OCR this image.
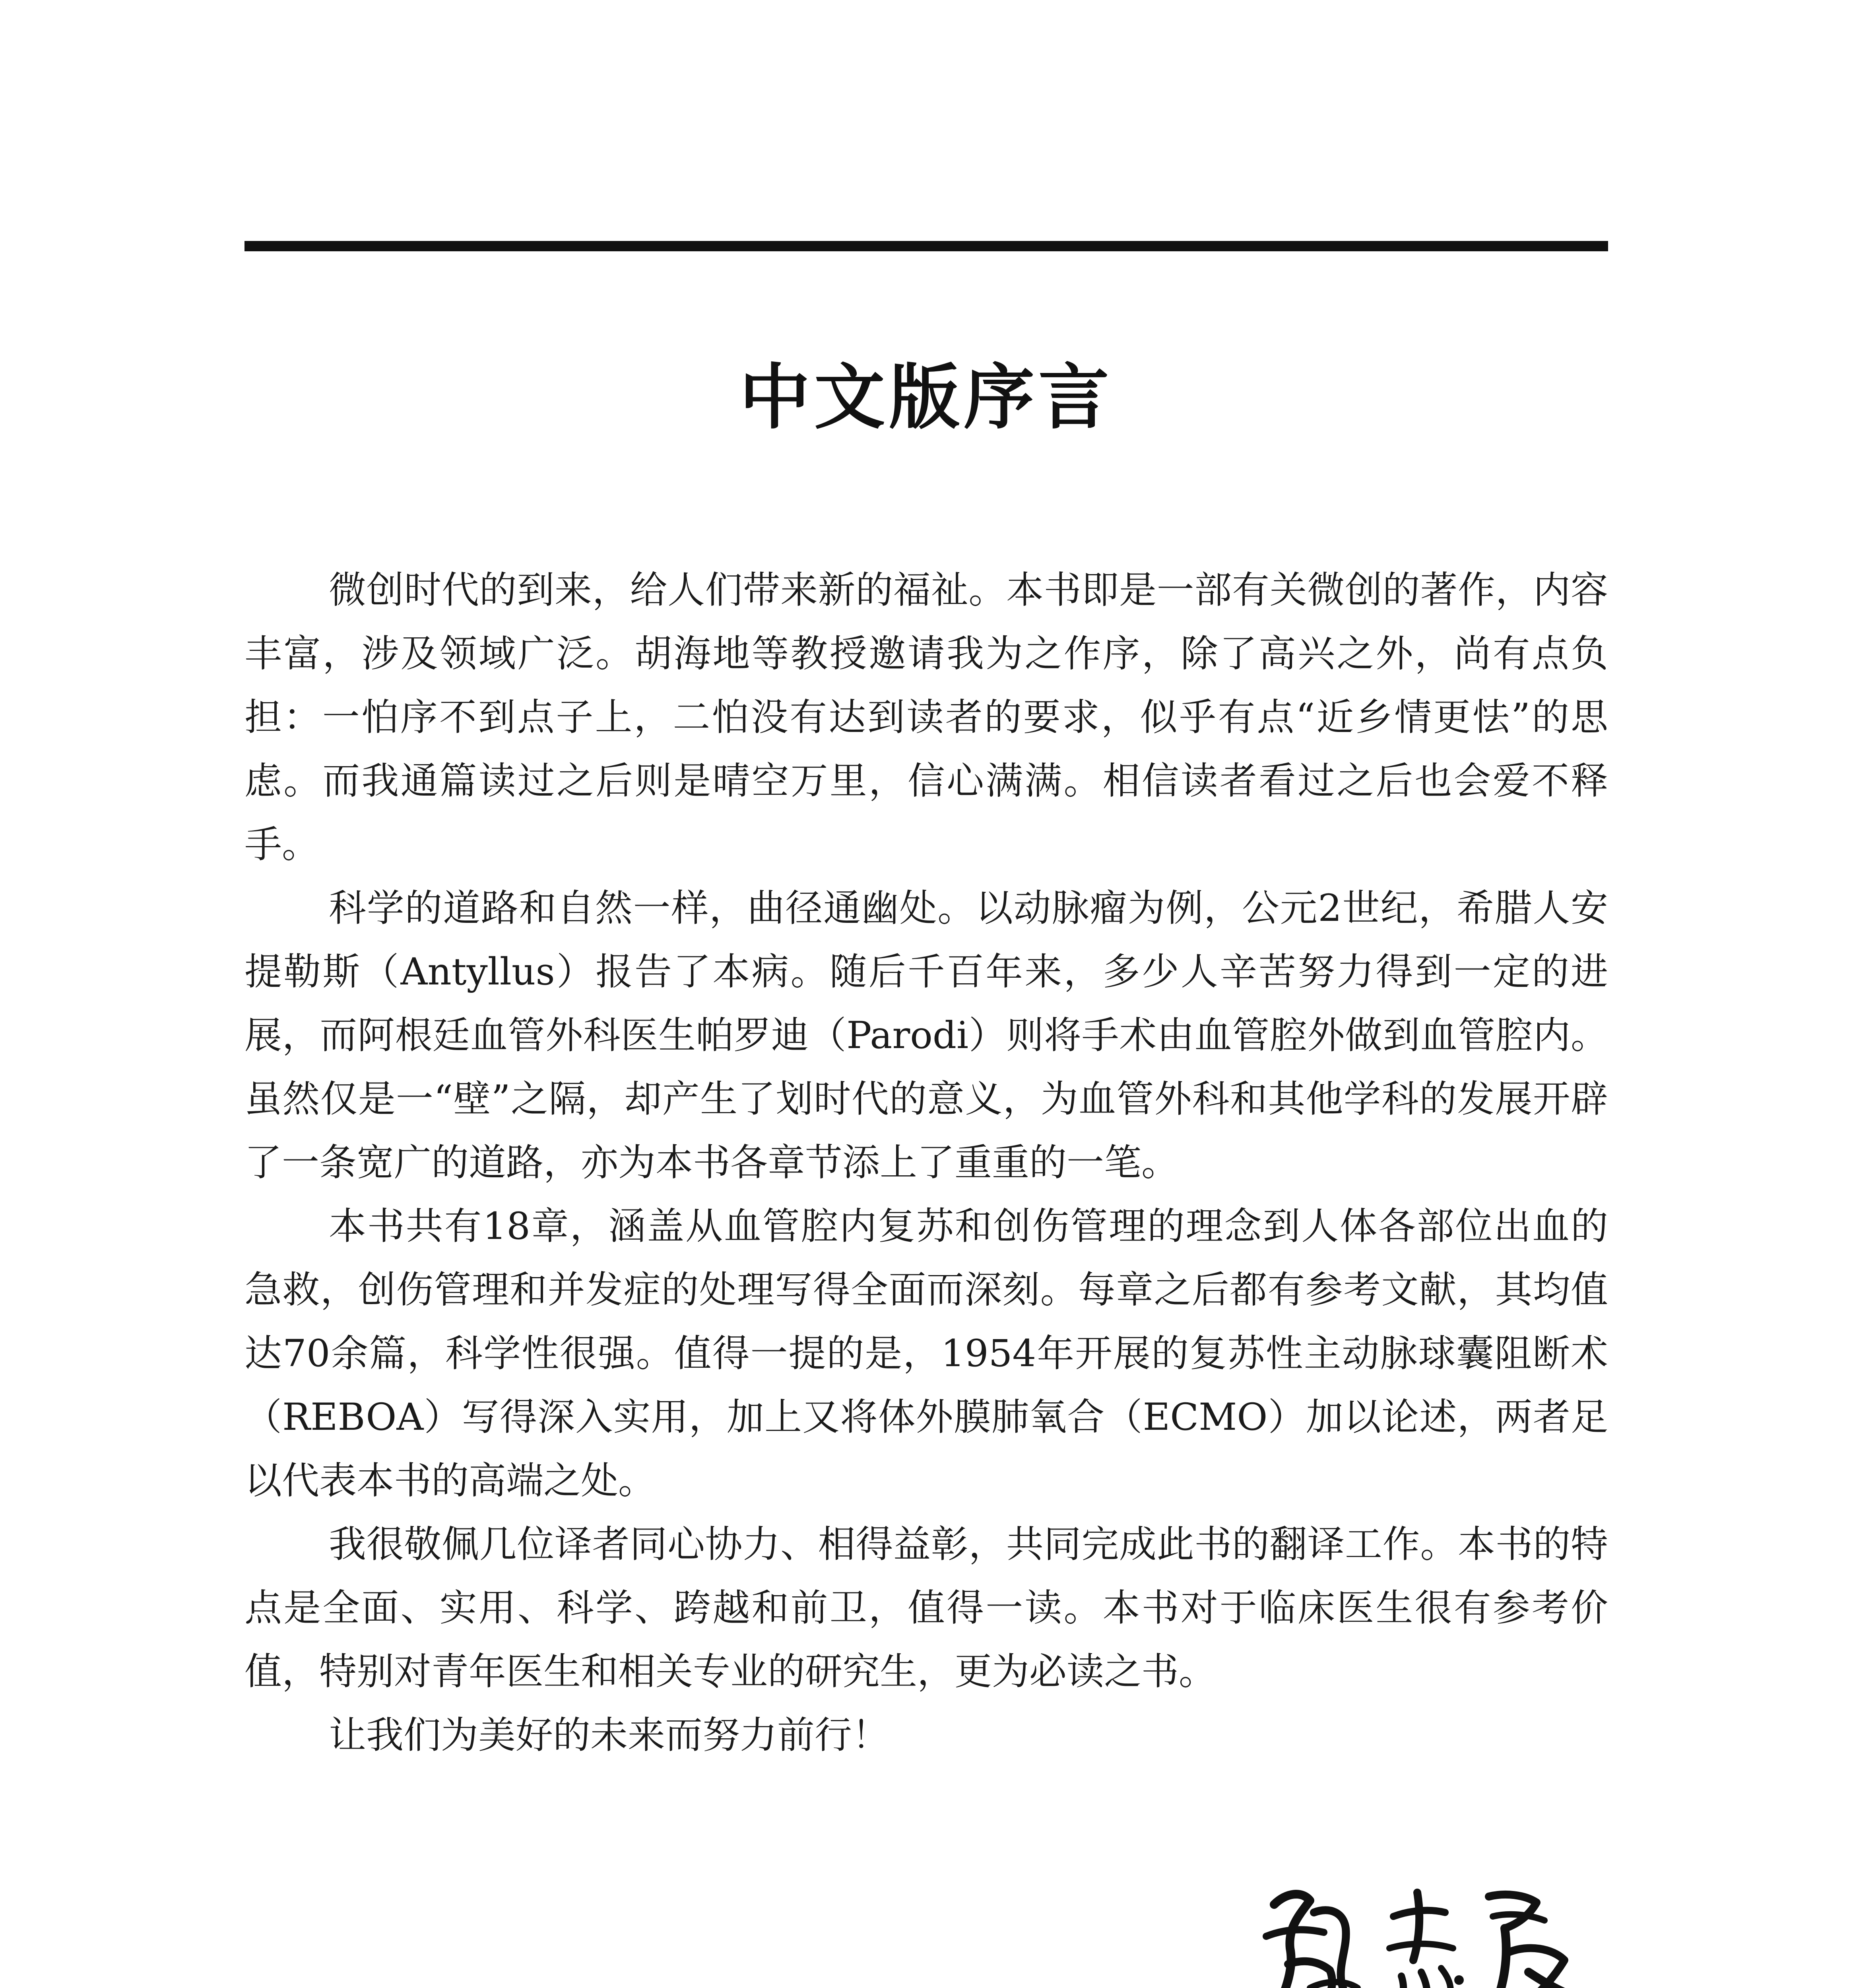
中文版序言

微创时代的到来，给人们带来新的福祉。本书即是一部有关微创的著作，内容丰富，涉及领域广泛。胡海地等教授邀请我为之作序，除了高兴之外，尚有点负担：一怕序不到点子上，二怕没有达到读者的要求，似乎有点“近乡情更怯”的思虑。而我通篇读过之后则是晴空万里，信心满满。相信读者看过之后也会爱不释手。

科学的道路和自然一样，曲径通幽处。以动脉瘤为例，公元2世纪，希腊人安提勒斯（Antyllus）报告了本病。随后千百年来，多少人辛苦努力得到一定的进展，而阿根廷血管外科医生帕罗迪（Parodi）则将手术由血管腔外做到血管腔内。虽然仅是一“壁”之隔，却产生了划时代的意义，为血管外科和其他学科的发展开辟了一条宽广的道路，亦为本书各章节添上了重重的一笔。

本书共有18章，涵盖从血管腔内复苏和创伤管理的理念到人体各部位出血的急救，创伤管理和并发症的处理写得全面而深刻。每章之后都有参考文献，其均值达70余篇，科学性很强。值得一提的是，1954年开展的复苏性主动脉球囊阻断术（REBOA）写得深入实用，加上又将体外膜肺氧合（ECMO）加以论述，两者足以代表本书的高端之处。

我很敬佩几位译者同心协力、相得益彰，共同完成此书的翻译工作。本书的特点是全面、实用、科学、跨越和前卫，值得一读。本书对于临床医生很有参考价值，特别对青年医生和相关专业的研究生，更为必读之书。

让我们为美好的未来而努力前行！
